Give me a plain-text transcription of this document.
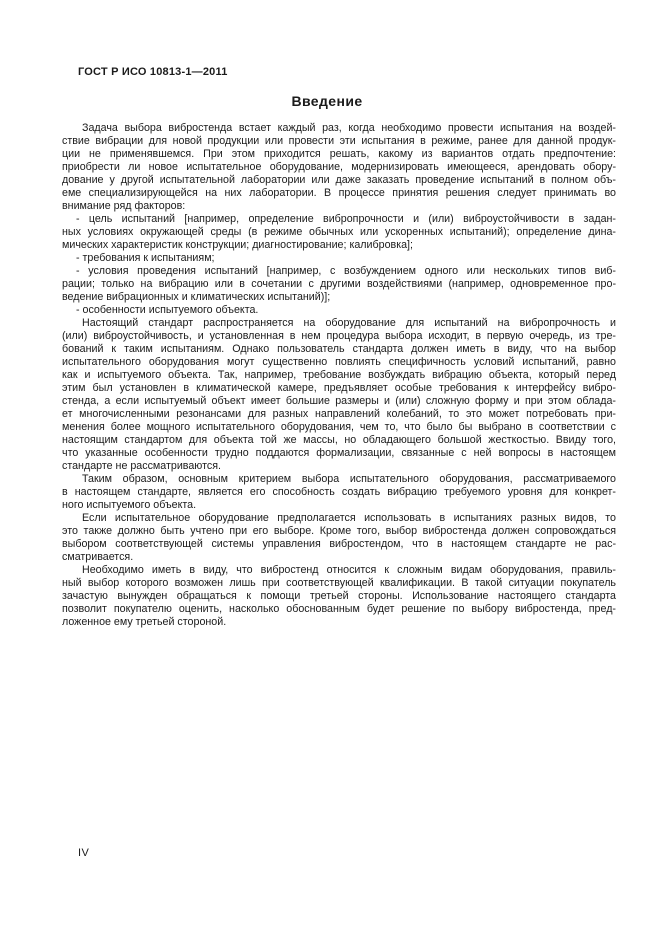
ГОСТ Р ИСО 10813-1—2011
Введение
Задача выбора вибростенда встает каждый раз, когда необходимо провести испытания на воздей-
ствие вибрации для новой продукции или провести эти испытания в режиме, ранее для данной продук-
ции не применявшемся. При этом приходится решать, какому из вариантов отдать предпочтение:
приобрести ли новое испытательное оборудование, модернизировать имеющееся, арендовать обору-
дование у другой испытательной лаборатории или даже заказать проведение испытаний в полном объ-
еме специализирующейся на них лаборатории. В процессе принятия решения следует принимать во
внимание ряд факторов:
- цель испытаний [например, определение вибропрочности и (или) виброустойчивости в задан-
ных условиях окружающей среды (в режиме обычных или ускоренных испытаний); определение дина-
мических характеристик конструкции; диагностирование; калибровка];
- требования к испытаниям;
- условия проведения испытаний [например, с возбуждением одного или нескольких типов виб-
рации; только на вибрацию или в сочетании с другими воздействиями (например, одновременное про-
ведение вибрационных и климатических испытаний)];
- особенности испытуемого объекта.
Настоящий стандарт распространяется на оборудование для испытаний на вибропрочность и
(или) виброустойчивость, и установленная в нем процедура выбора исходит, в первую очередь, из тре-
бований к таким испытаниям. Однако пользователь стандарта должен иметь в виду, что на выбор
испытательного оборудования могут существенно повлиять специфичность условий испытаний, равно
как и испытуемого объекта. Так, например, требование возбуждать вибрацию объекта, который перед
этим был установлен в климатической камере, предъявляет особые требования к интерфейсу вибро-
стенда, а если испытуемый объект имеет большие размеры и (или) сложную форму и при этом облада-
ет многочисленными резонансами для разных направлений колебаний, то это может потребовать при-
менения более мощного испытательного оборудования, чем то, что было бы выбрано в соответствии с
настоящим стандартом для объекта той же массы, но обладающего большой жесткостью. Ввиду того,
что указанные особенности трудно поддаются формализации, связанные с ней вопросы в настоящем
стандарте не рассматриваются.
Таким образом, основным критерием выбора испытательного оборудования, рассматриваемого
в настоящем стандарте, является его способность создать вибрацию требуемого уровня для конкрет-
ного испытуемого объекта.
Если испытательное оборудование предполагается использовать в испытаниях разных видов, то
это также должно быть учтено при его выборе. Кроме того, выбор вибростенда должен сопровождаться
выбором соответствующей системы управления вибростендом, что в настоящем стандарте не рас-
сматривается.
Необходимо иметь в виду, что вибростенд относится к сложным видам оборудования, правиль-
ный выбор которого возможен лишь при соответствующей квалификации. В такой ситуации покупатель
зачастую вынужден обращаться к помощи третьей стороны. Использование настоящего стандарта
позволит покупателю оценить, насколько обоснованным будет решение по выбору вибростенда, пред-
ложенное ему третьей стороной.
IV
